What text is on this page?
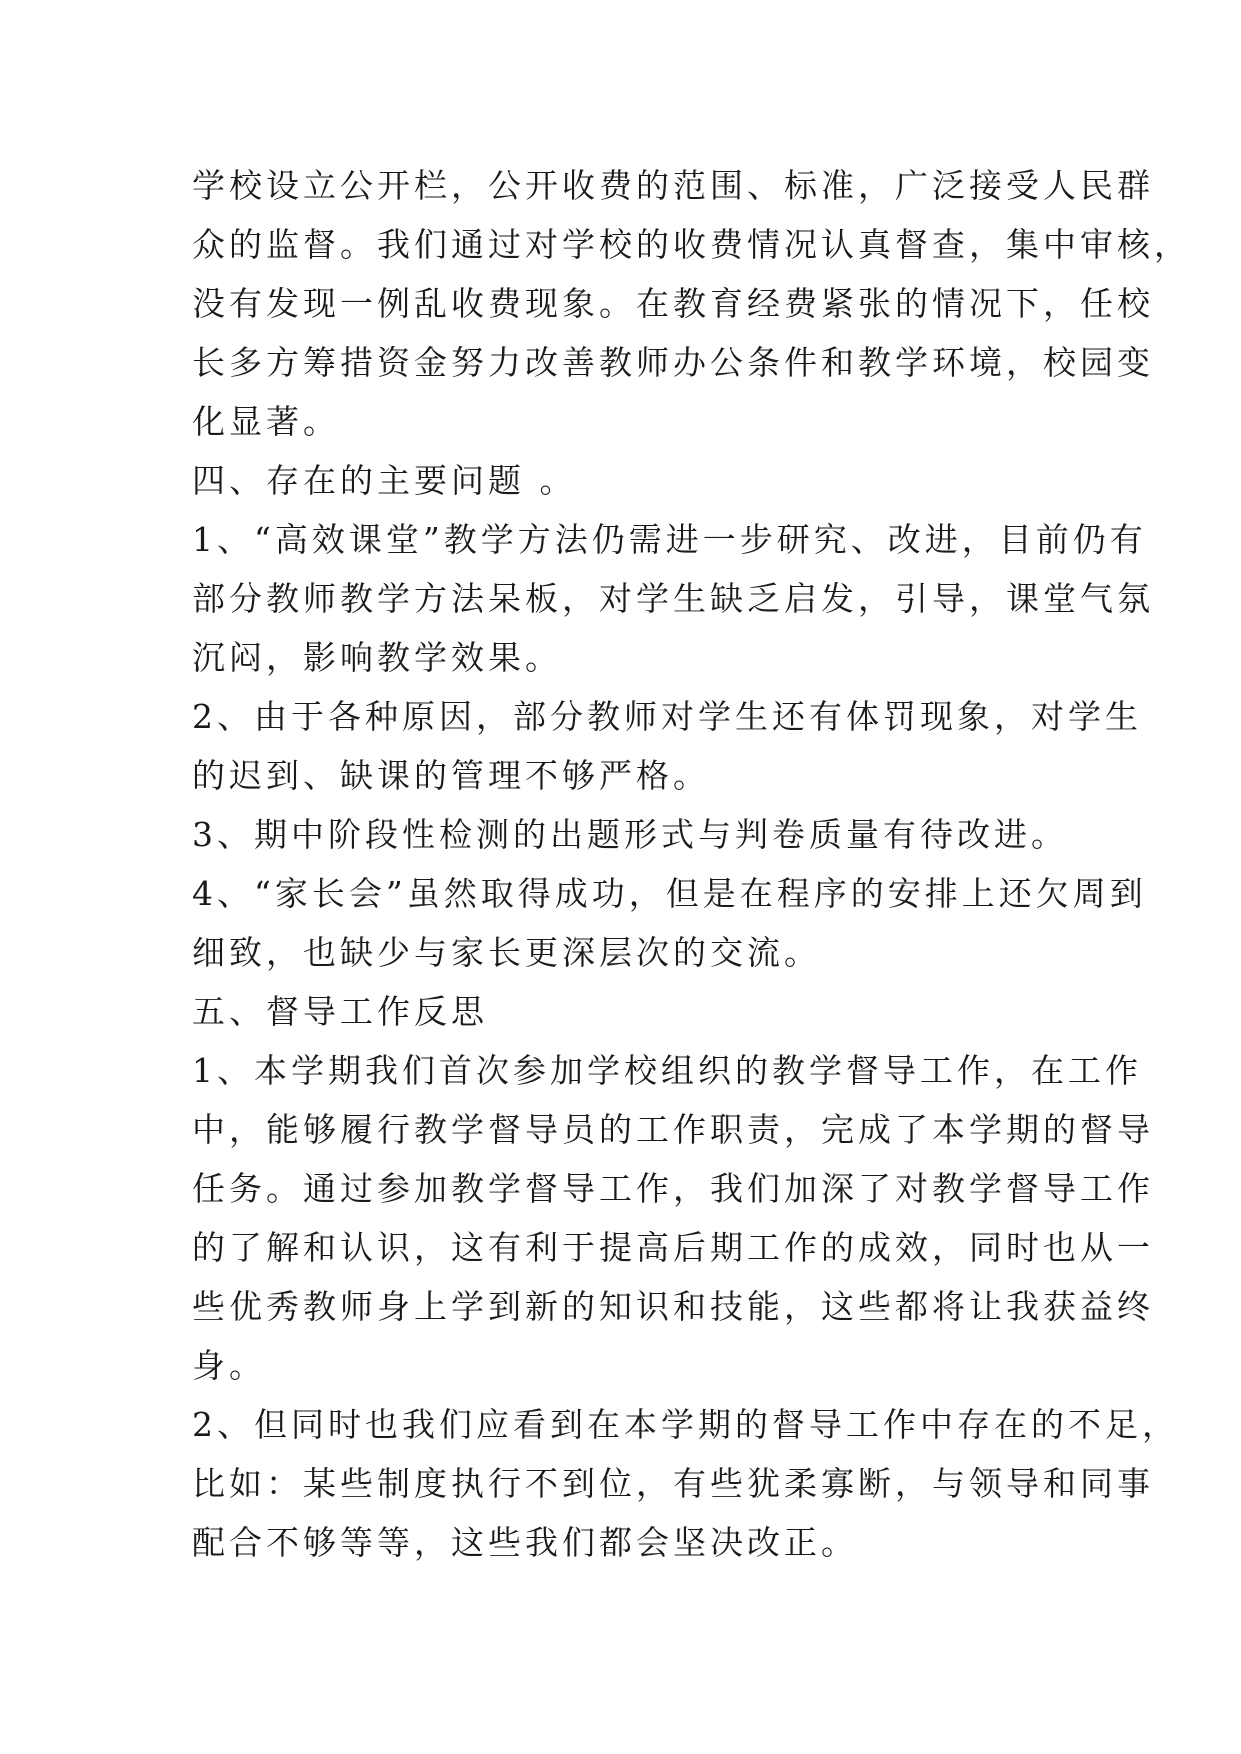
学校设立公开栏，公开收费的范围、标准，广泛接受人民群
众的监督。我们通过对学校的收费情况认真督查，集中审核，
没有发现一例乱收费现象。在教育经费紧张的情况下，任校
长多方筹措资金努力改善教师办公条件和教学环境，校园变
化显著。
四、存在的主要问题 。
1、“高效课堂”教学方法仍需进一步研究、改进，目前仍有
部分教师教学方法呆板，对学生缺乏启发，引导，课堂气氛
沉闷，影响教学效果。
2、由于各种原因，部分教师对学生还有体罚现象，对学生
的迟到、缺课的管理不够严格。
3、期中阶段性检测的出题形式与判卷质量有待改进。
4、“家长会”虽然取得成功，但是在程序的安排上还欠周到
细致，也缺少与家长更深层次的交流。
五、督导工作反思
1、本学期我们首次参加学校组织的教学督导工作，在工作
中，能够履行教学督导员的工作职责，完成了本学期的督导
任务。通过参加教学督导工作，我们加深了对教学督导工作
的了解和认识，这有利于提高后期工作的成效，同时也从一
些优秀教师身上学到新的知识和技能，这些都将让我获益终
身。
2、但同时也我们应看到在本学期的督导工作中存在的不足，
比如：某些制度执行不到位，有些犹柔寡断，与领导和同事
配合不够等等，这些我们都会坚决改正。
